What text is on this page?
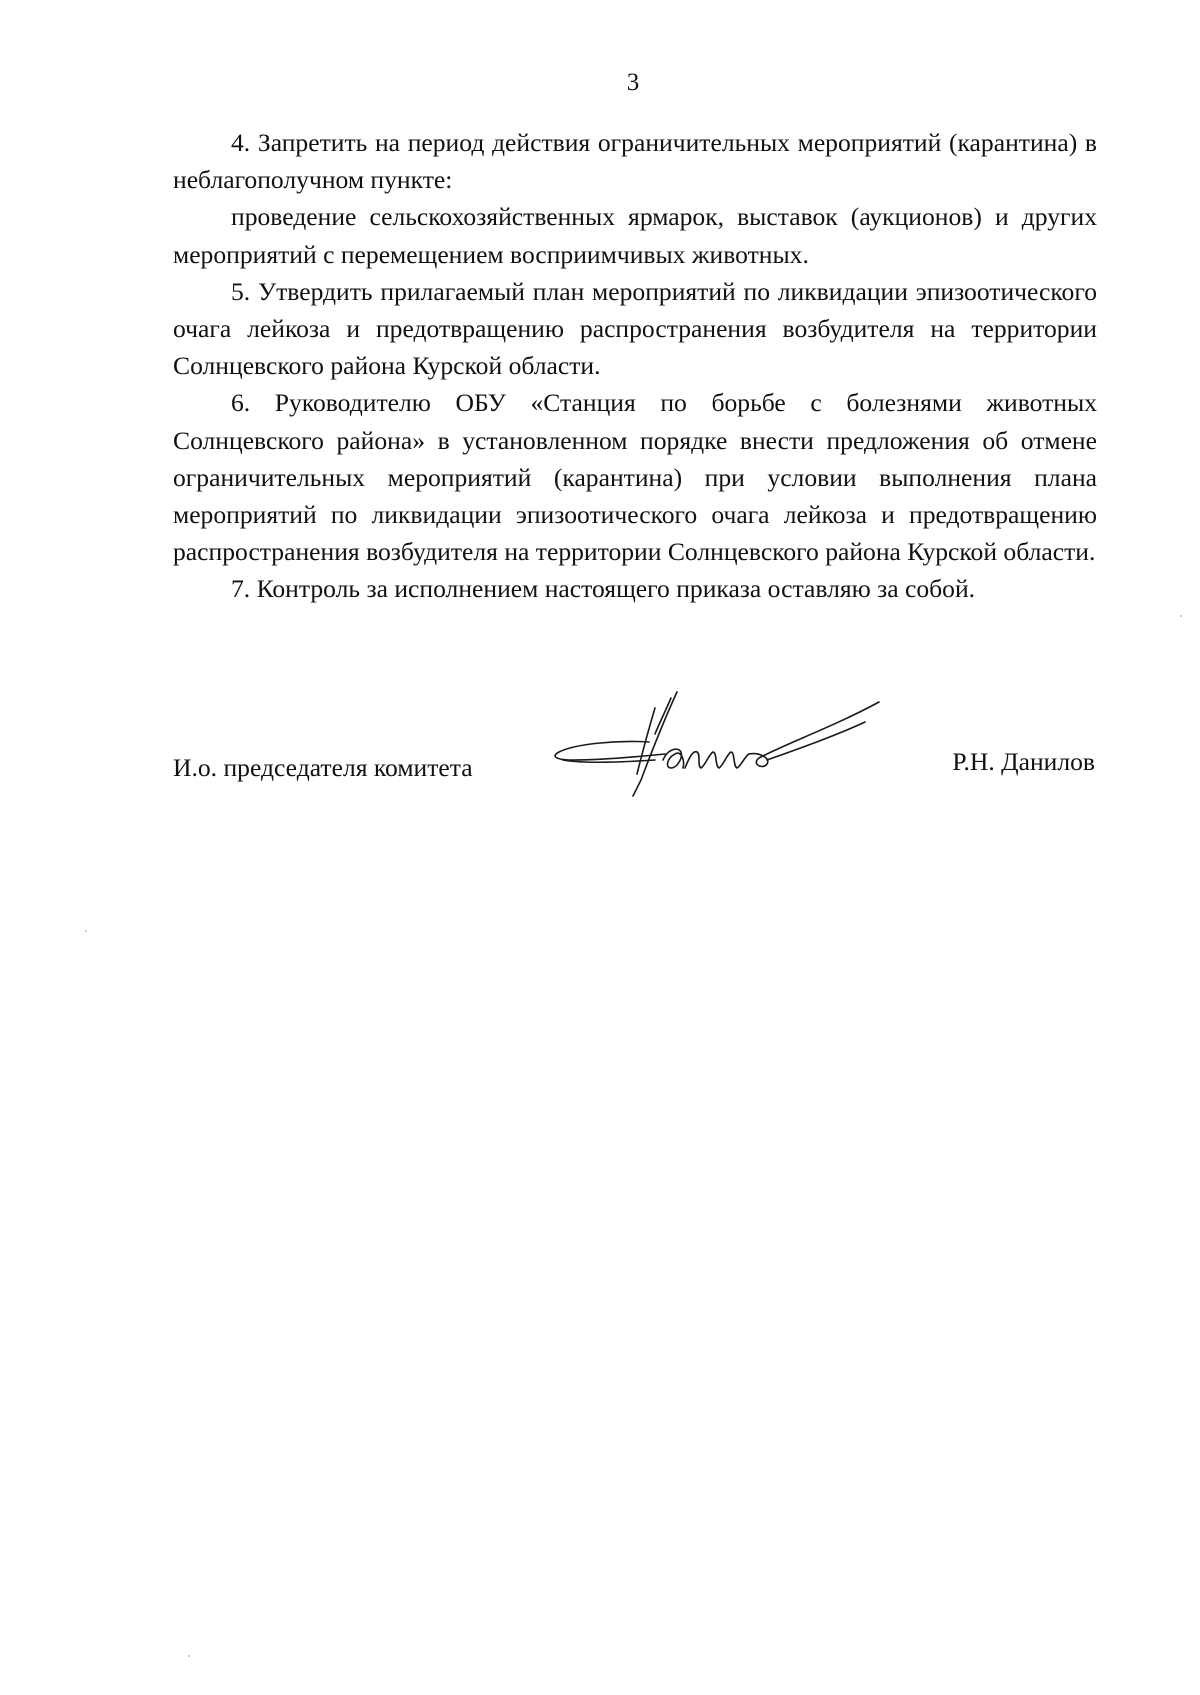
3

4. Запретить на период действия ограничительных мероприятий (карантина) в неблагополучном пункте:

проведение сельскохозяйственных ярмарок, выставок (аукционов) и других мероприятий с перемещением восприимчивых животных.

5. Утвердить прилагаемый план мероприятий по ликвидации эпизоотического очага лейкоза и предотвращению распространения возбудителя на территории Солнцевского района Курской области.

6. Руководителю ОБУ «Станция по борьбе с болезнями животных Солнцевского района» в установленном порядке внести предложения об отмене ограничительных мероприятий (карантина) при условии выполнения плана мероприятий по ликвидации эпизоотического очага лейкоза и предотвращению распространения возбудителя на территории Солнцевского района Курской области.

7. Контроль за исполнением настоящего приказа оставляю за собой.

И.о. председателя комитета	Р.Н. Данилов
